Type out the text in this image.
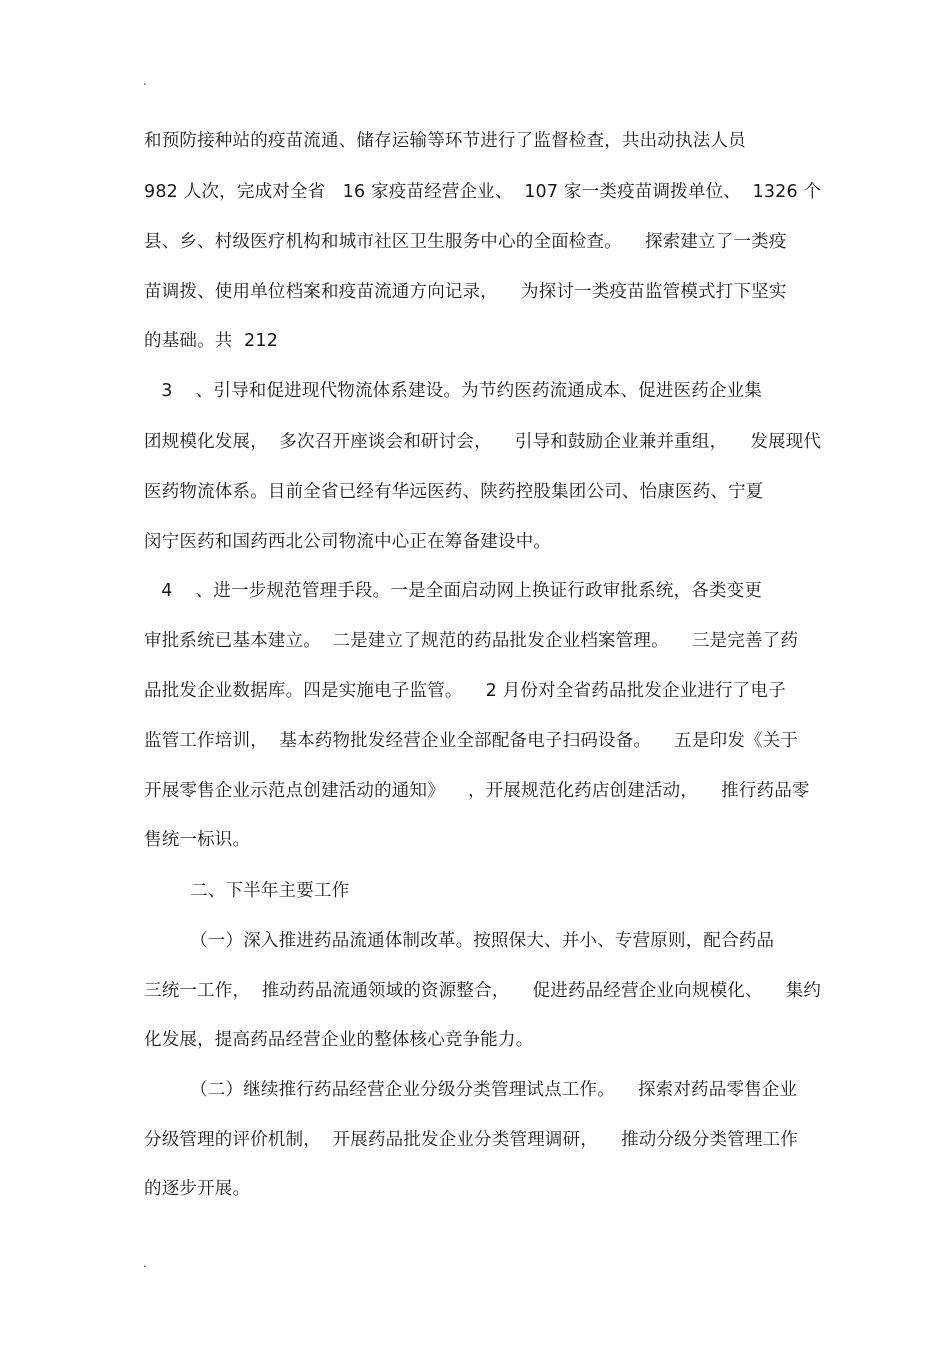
.
和预防接种站的疫苗流通、储存运输等环节进行了监督检查，共出动执法人员
982 人次，完成对全省   16 家疫苗经营企业、  107 家一类疫苗调拨单位、  1326 个
县、乡、村级医疗机构和城市社区卫生服务中心的全面检查。    探索建立了一类疫
苗调拨、使用单位档案和疫苗流通方向记录，    为探讨一类疫苗监管模式打下坚实
的基础。共  212
3    、引导和促进现代物流体系建设。为节约医药流通成本、促进医药企业集
团规模化发展，  多次召开座谈会和研讨会，    引导和鼓励企业兼并重组，    发展现代
医药物流体系。目前全省已经有华远医药、陕药控股集团公司、怡康医药、宁夏
闵宁医药和国药西北公司物流中心正在筹备建设中。
4    、进一步规范管理手段。一是全面启动网上换证行政审批系统，各类变更
审批系统已基本建立。  二是建立了规范的药品批发企业档案管理。    三是完善了药
品批发企业数据库。四是实施电子监管。    2 月份对全省药品批发企业进行了电子
监管工作培训，  基本药物批发经营企业全部配备电子扫码设备。    五是印发《关于
开展零售企业示范点创建活动的通知》    ，开展规范化药店创建活动，    推行药品零
售统一标识。
二、下半年主要工作
（一）深入推进药品流通体制改革。按照保大、并小、专营原则，配合药品
三统一工作，  推动药品流通领域的资源整合，    促进药品经营企业向规模化、    集约
化发展，提高药品经营企业的整体核心竞争能力。
（二）继续推行药品经营企业分级分类管理试点工作。    探索对药品零售企业
分级管理的评价机制，  开展药品批发企业分类管理调研，    推动分级分类管理工作
的逐步开展。
.
